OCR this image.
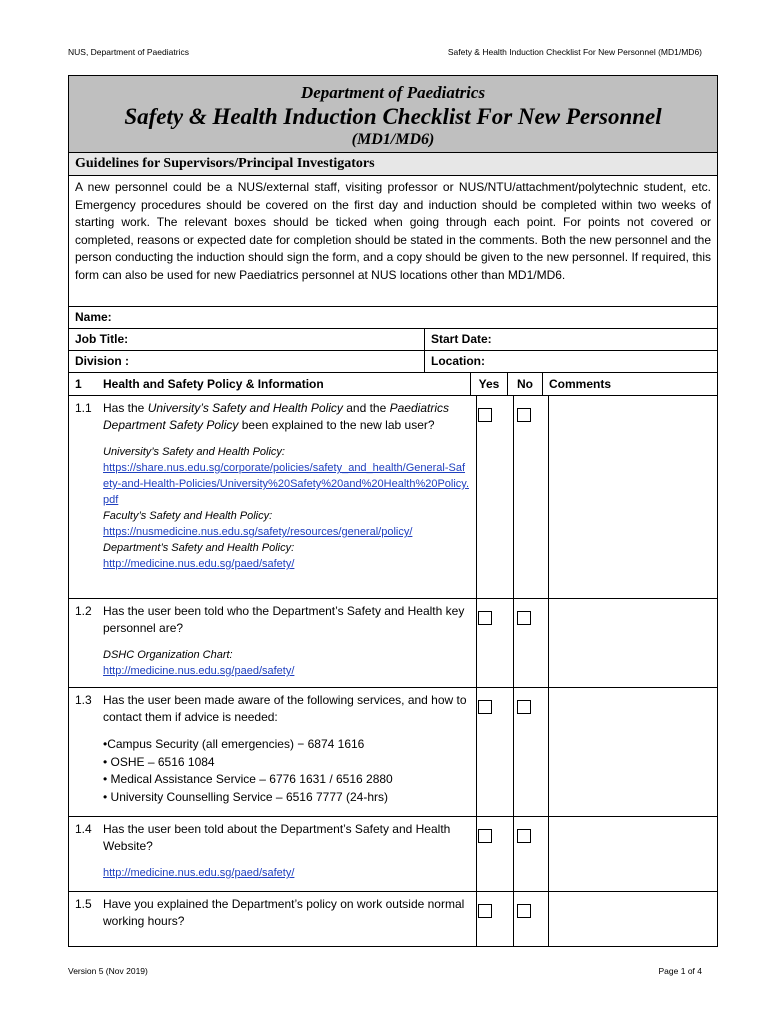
NUS, Department of Paediatrics	Safety & Health Induction Checklist For New Personnel (MD1/MD6)
Department of Paediatrics
Safety & Health Induction Checklist For New Personnel
(MD1/MD6)
Guidelines for Supervisors/Principal Investigators
A new personnel could be a NUS/external staff, visiting professor or NUS/NTU/attachment/polytechnic student, etc. Emergency procedures should be covered on the first day and induction should be completed within two weeks of starting work. The relevant boxes should be ticked when going through each point. For points not covered or completed, reasons or expected date for completion should be stated in the comments. Both the new personnel and the person conducting the induction should sign the form, and a copy should be given to the new personnel. If required, this form can also be used for new Paediatrics personnel at NUS locations other than MD1/MD6.
Name:
Job Title:	Start Date:
Division :	Location:
1	Health and Safety Policy & Information	Yes	No	Comments
1.1 Has the University’s Safety and Health Policy and the Paediatrics Department Safety Policy been explained to the new lab user?
University’s Safety and Health Policy:
https://share.nus.edu.sg/corporate/policies/safety_and_health/General-Safety-and-Health-Policies/University%20Safety%20and%20Health%20Policy.pdf
Faculty’s Safety and Health Policy:
https://nusmedicine.nus.edu.sg/safety/resources/general/policy/
Department’s Safety and Health Policy:
http://medicine.nus.edu.sg/paed/safety/
1.2 Has the user been told who the Department’s Safety and Health key personnel are?
DSHC Organization Chart:
http://medicine.nus.edu.sg/paed/safety/
1.3 Has the user been made aware of the following services, and how to contact them if advice is needed:
•Campus Security (all emergencies) − 6874 1616
• OSHE – 6516 1084
• Medical Assistance Service – 6776 1631 / 6516 2880
• University Counselling Service – 6516 7777 (24-hrs)
1.4 Has the user been told about the Department’s Safety and Health Website?
http://medicine.nus.edu.sg/paed/safety/
1.5 Have you explained the Department’s policy on work outside normal working hours?
Version 5 (Nov 2019)	Page 1 of 4
